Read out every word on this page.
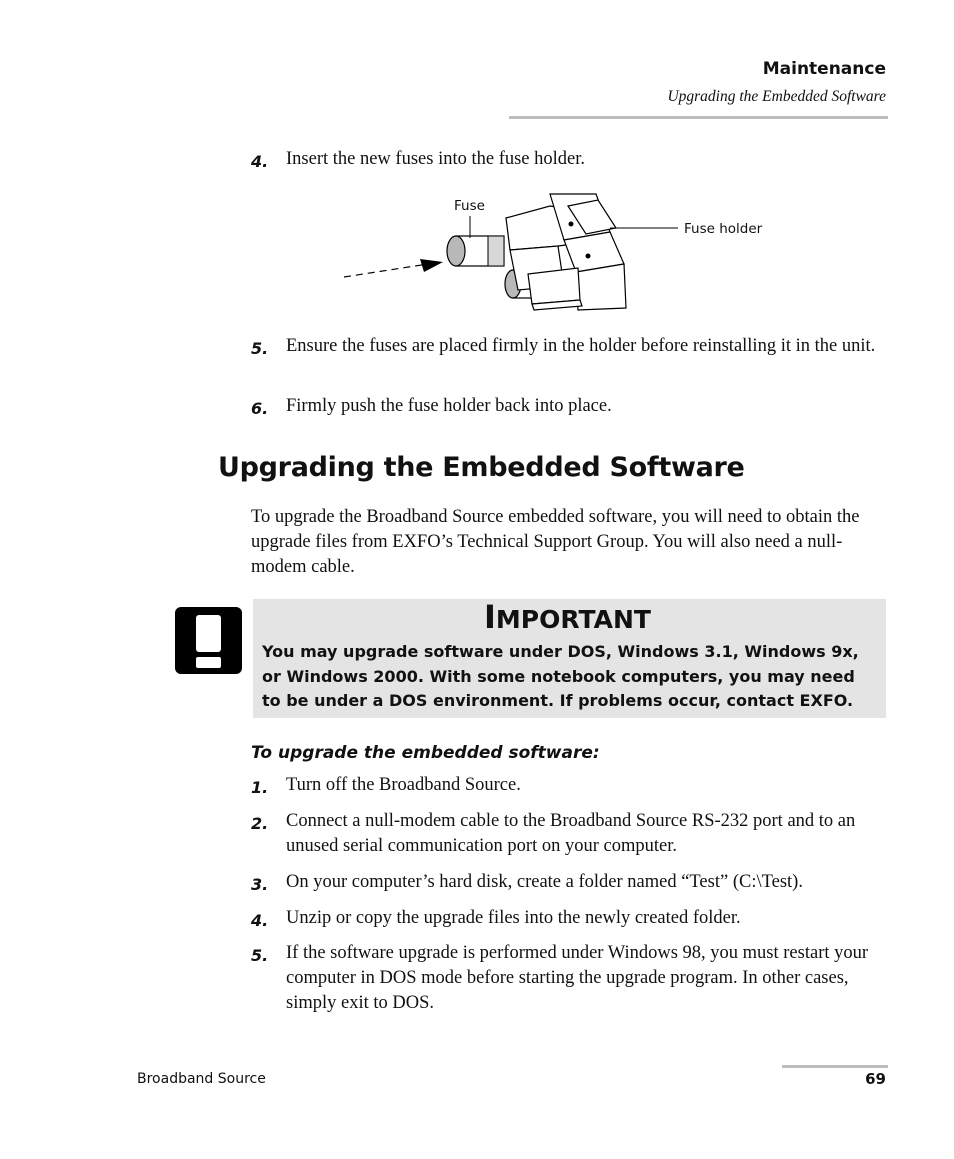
Maintenance
Upgrading the Embedded Software
4. Insert the new fuses into the fuse holder.
Fuse
Fuse holder
5. Ensure the fuses are placed firmly in the holder before reinstalling it in the unit.
6. Firmly push the fuse holder back into place.
Upgrading the Embedded Software
To upgrade the Broadband Source embedded software, you will need to obtain the upgrade files from EXFO’s Technical Support Group. You will also need a null-modem cable.
IMPORTANT
You may upgrade software under DOS, Windows 3.1, Windows 9x, or Windows 2000. With some notebook computers, you may need to be under a DOS environment. If problems occur, contact EXFO.
To upgrade the embedded software:
1. Turn off the Broadband Source.
2. Connect a null-modem cable to the Broadband Source RS-232 port and to an unused serial communication port on your computer.
3. On your computer’s hard disk, create a folder named “Test” (C:\Test).
4. Unzip or copy the upgrade files into the newly created folder.
5. If the software upgrade is performed under Windows 98, you must restart your computer in DOS mode before starting the upgrade program. In other cases, simply exit to DOS.
Broadband Source	69
